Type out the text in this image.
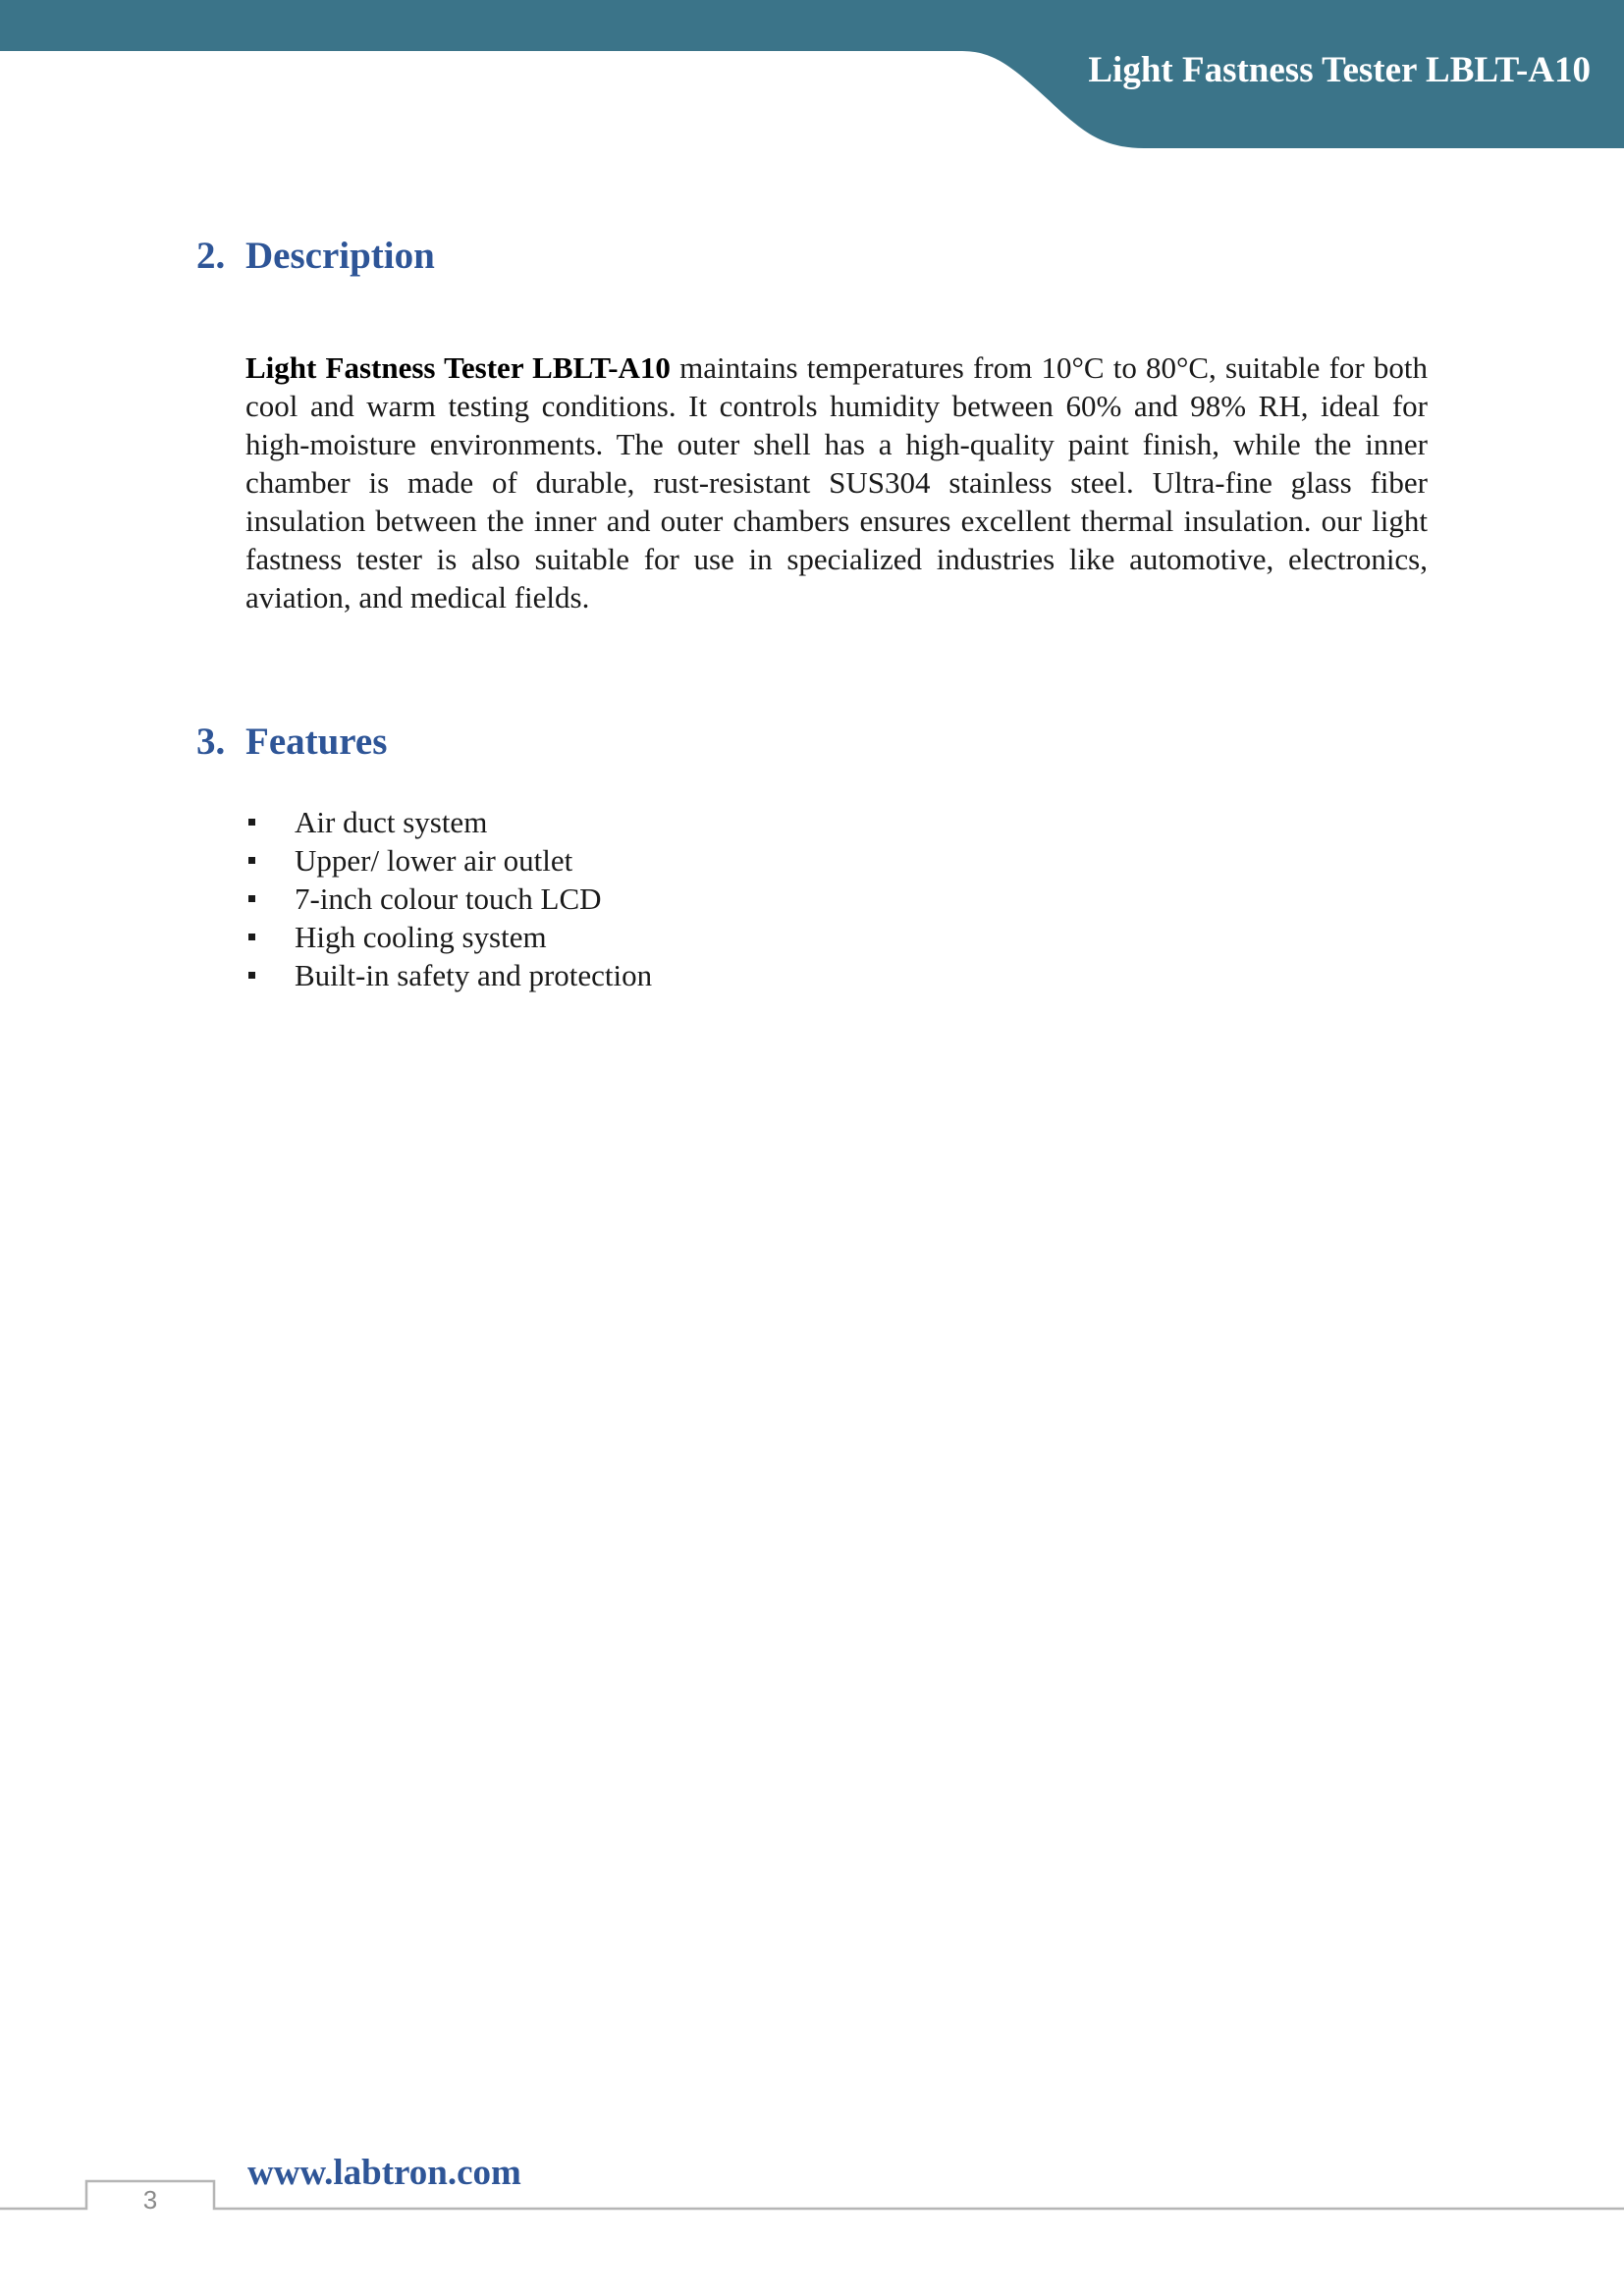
Light Fastness Tester LBLT-A10
2. Description

Light Fastness Tester LBLT-A10 maintains temperatures from 10°C to 80°C, suitable for both cool and warm testing conditions. It controls humidity between 60% and 98% RH, ideal for high-moisture environments. The outer shell has a high-quality paint finish, while the inner chamber is made of durable, rust-resistant SUS304 stainless steel. Ultra-fine glass fiber insulation between the inner and outer chambers ensures excellent thermal insulation. our light fastness tester is also suitable for use in specialized industries like automotive, electronics, aviation, and medical fields.

3. Features
Air duct system
Upper/ lower air outlet
7-inch colour touch LCD
High cooling system
Built-in safety and protection
3
www.labtron.com
